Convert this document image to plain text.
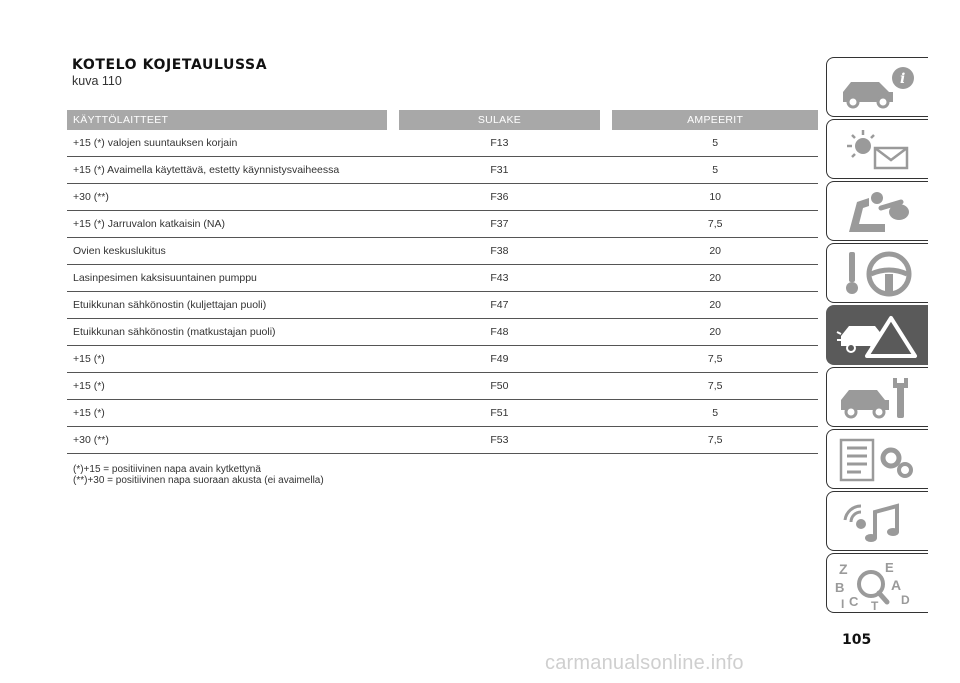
KOTELO KOJETAULUSSA
kuva 110
KÄYTTÖLAITTEET		SULAKE		AMPEERIT
+15 (*) valojen suuntauksen korjain		F13		5
+15 (*) Avaimella käytettävä, estetty käynnistysvaiheessa		F31		5
+30 (**)		F36		10
+15 (*) Jarruvalon katkaisin (NA)		F37		7,5
Ovien keskuslukitus		F38		20
Lasinpesimen kaksisuuntainen pumppu		F43		20
Etuikkunan sähkönostin (kuljettajan puoli)		F47		20
Etuikkunan sähkönostin (matkustajan puoli)		F48		20
+15 (*)		F49		7,5
+15 (*)		F50		7,5
+15 (*)		F51		5
+30 (**)		F53		7,5
(*)+15 = positiivinen napa avain kytkettynä
(**)+30 = positiivinen napa suoraan akusta (ei avaimella)
105
carmanualsonline.info
i
Z	E
B	A
C	D
I T
